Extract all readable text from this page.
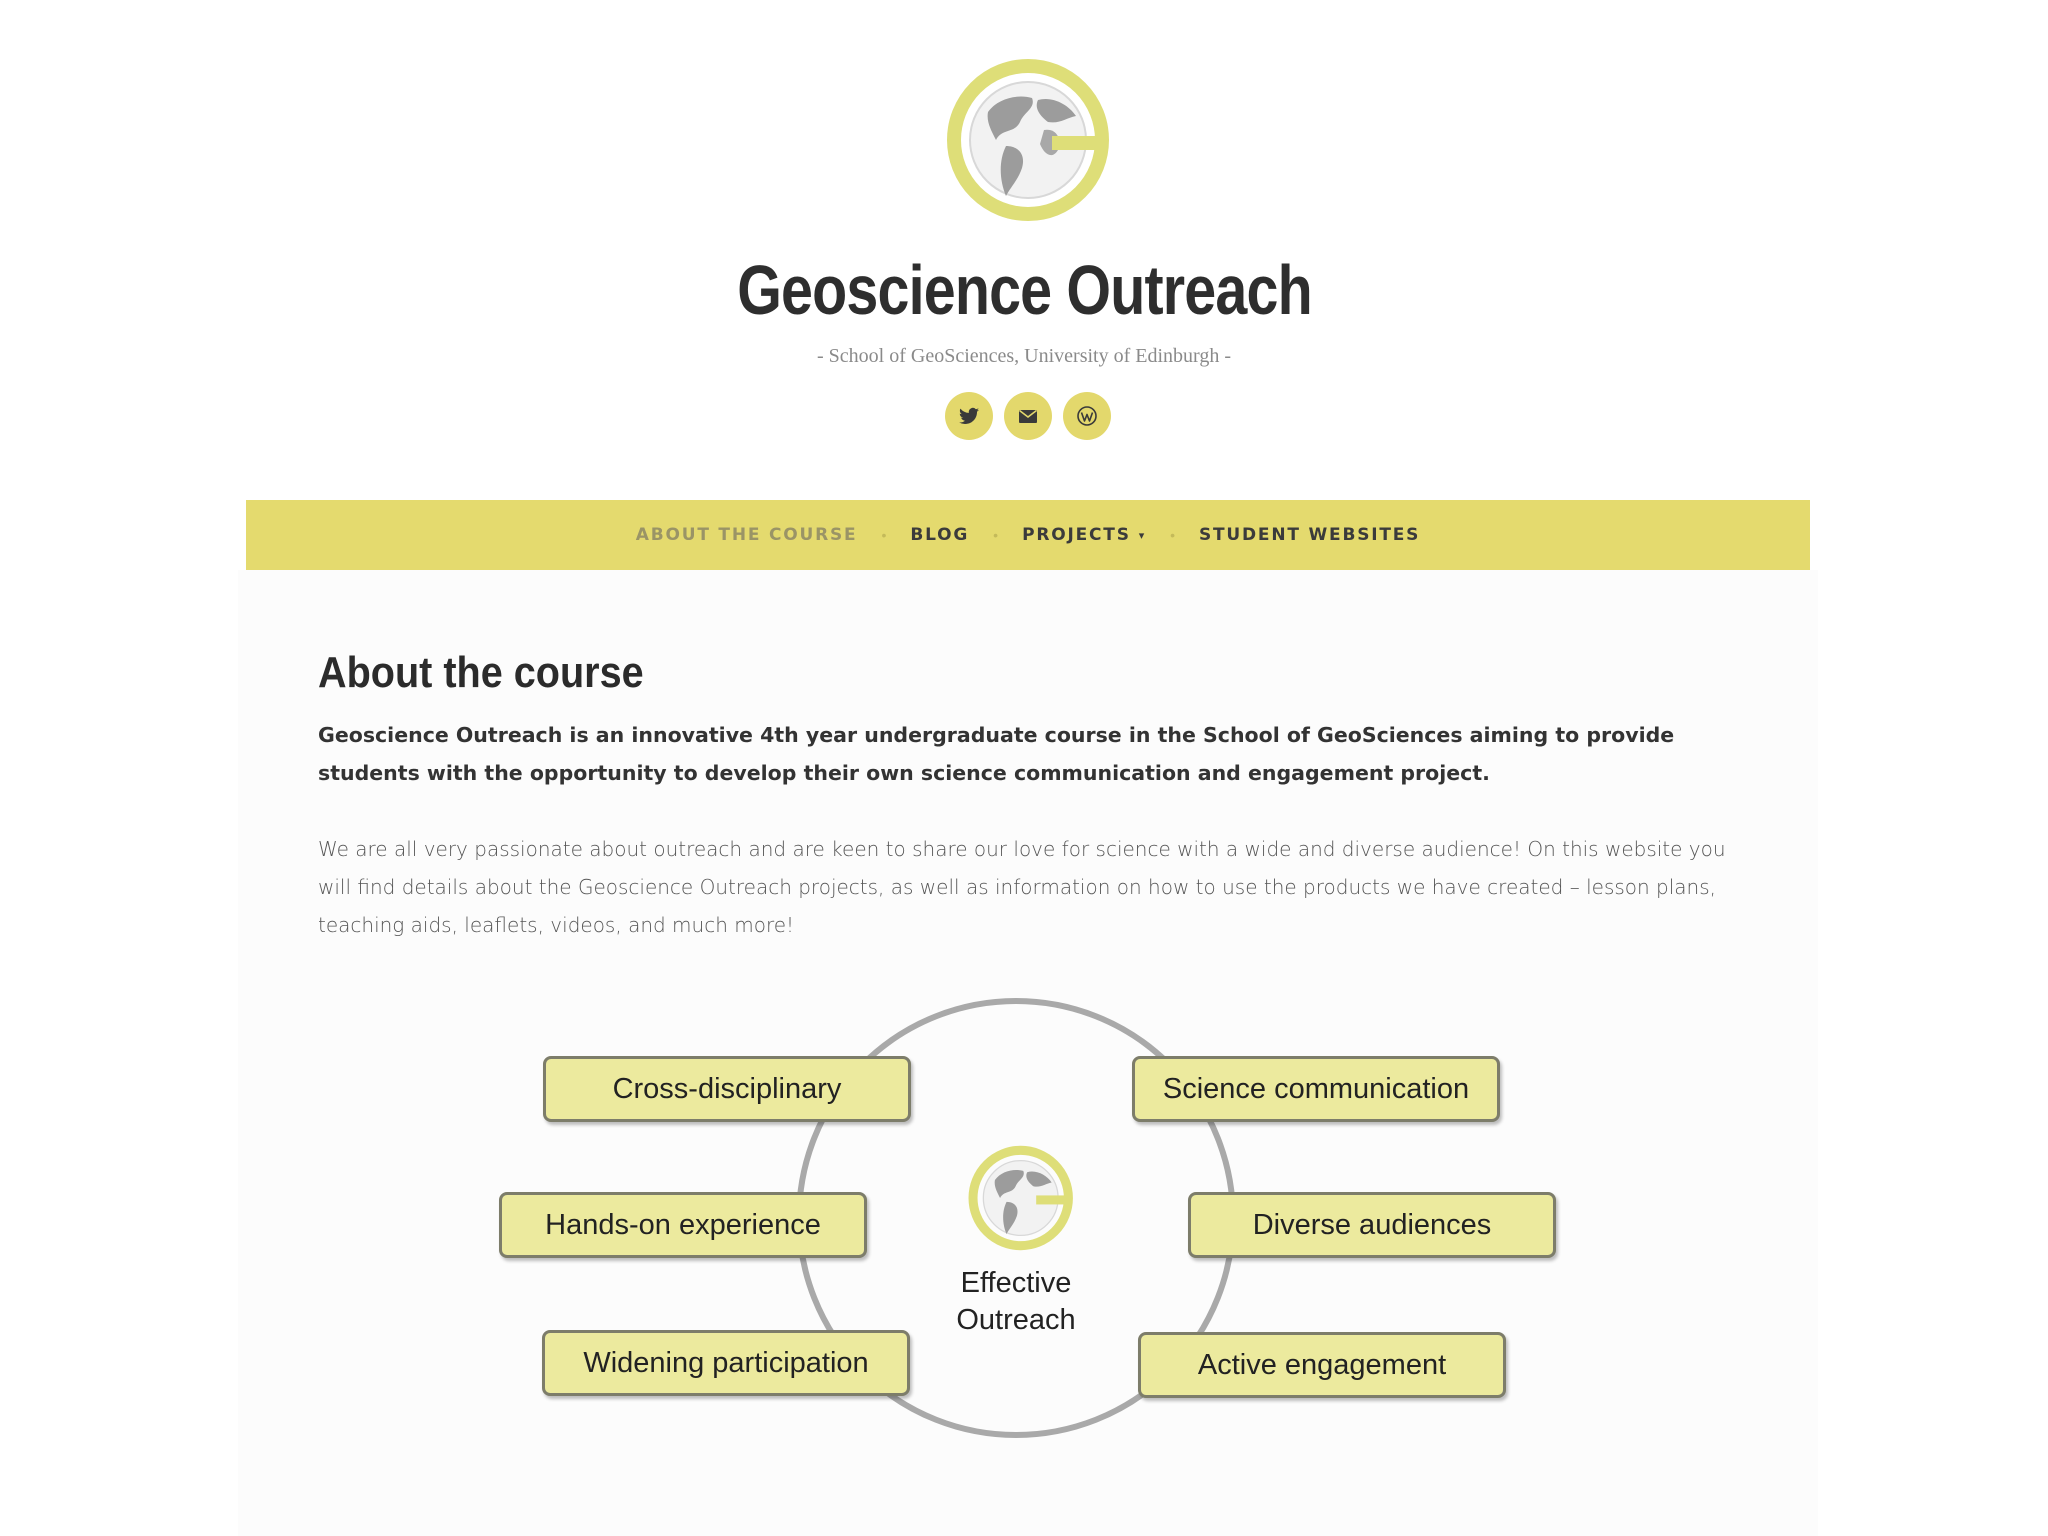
Geoscience Outreach
- School of GeoSciences, University of Edinburgh -
ABOUT THE COURSE • BLOG • PROJECTS ▾ • STUDENT WEBSITES
About the course

Geoscience Outreach is an innovative 4th year undergraduate course in the School of GeoSciences aiming to provide students with the opportunity to develop their own science communication and engagement project.

We are all very passionate about outreach and are keen to share our love for science with a wide and diverse audience! On this website you will find details about the Geoscience Outreach projects, as well as information on how to use the products we have created – lesson plans, teaching aids, leaflets, videos, and much more!

Cross-disciplinary
Hands-on experience
Widening participation
Science communication
Diverse audiences
Active engagement
Effective
Outreach
